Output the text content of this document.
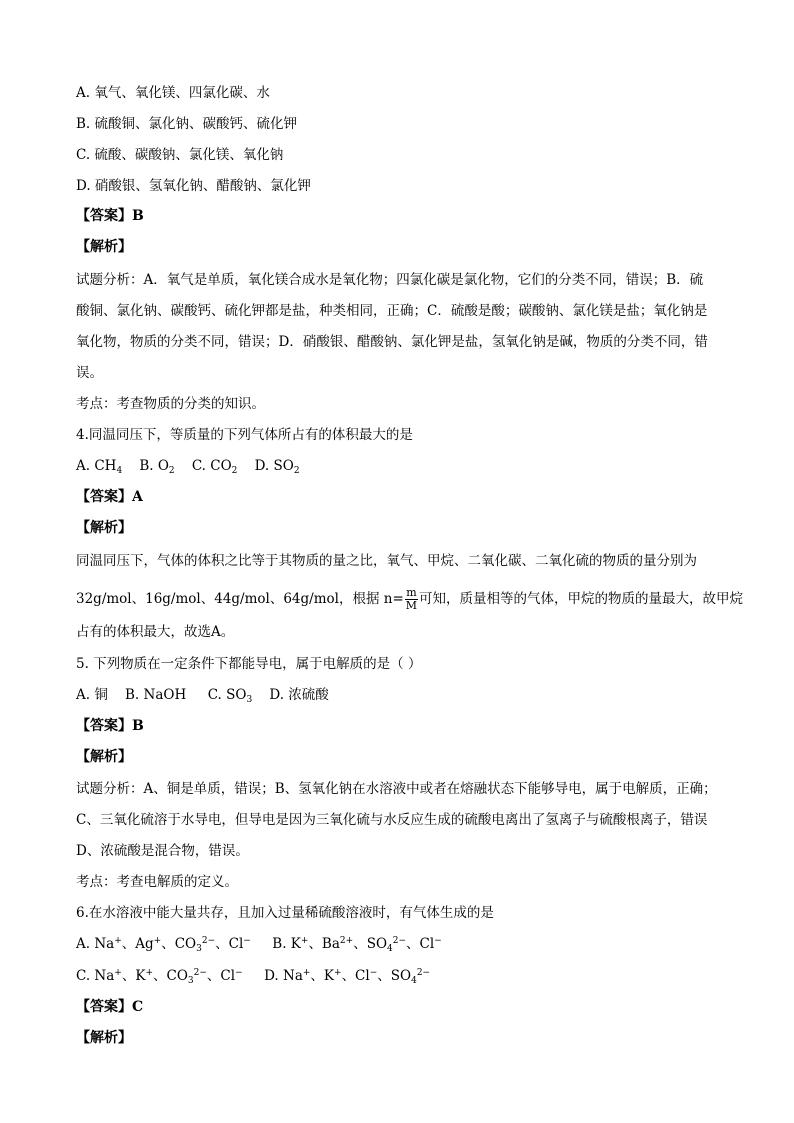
A. 氧气、氧化镁、四氯化碳、水
B. 硫酸铜、氯化钠、碳酸钙、硫化钾
C. 硫酸、碳酸钠、氯化镁、氧化钠
D. 硝酸银、氢氧化钠、醋酸钠、氯化钾
【答案】B
【解析】
试题分析：A．氧气是单质，氧化镁合成水是氧化物；四氯化碳是氯化物，它们的分类不同，错误；B．硫
酸铜、氯化钠、碳酸钙、硫化钾都是盐，种类相同，正确；C．硫酸是酸；碳酸钠、氯化镁是盐；氧化钠是
氧化物，物质的分类不同，错误；D．硝酸银、醋酸钠、氯化钾是盐，氢氧化钠是碱，物质的分类不同，错
误。
考点：考查物质的分类的知识。
4.同温同压下，等质量的下列气体所占有的体积最大的是
A. $CH_4$ B. $O_2$ C. $CO_2$ D. $SO_2$
【答案】A
【解析】
同温同压下，气体的体积之比等于其物质的量之比，氧气、甲烷、二氧化碳、二氧化硫的物质的量分别为
32g/mol、16g/mol、44g/mol、64g/mol，根据 $n= \frac{m}{M}$ 可知，质量相等的气体，甲烷的物质的量最大，故甲烷
占有的体积最大，故选A。
5. 下列物质在一定条件下都能导电，属于电解质的是（ ）
A. 铜 B. NaOH C. $SO_3$ D. 浓硫酸
【答案】B
【解析】
试题分析：A、铜是单质，错误；B、氢氧化钠在水溶液中或者在熔融状态下能够导电，属于电解质，正确；
C、三氧化硫溶于水导电，但导电是因为三氧化硫与水反应生成的硫酸电离出了氢离子与硫酸根离子，错误
D、浓硫酸是混合物，错误。
考点：考查电解质的定义。
6.在水溶液中能大量共存，且加入过量稀硫酸溶液时，有气体生成的是
A. Na+、Ag+、$CO_3^{2-}$、Cl− B. K+、$Ba^{2+}$、$SO_4^{2-}$、Cl−
C. Na+、K+、$CO_3^{2-}$、Cl− D. Na+、K+、Cl−、$SO_4^{2-}$
【答案】C
【解析】
